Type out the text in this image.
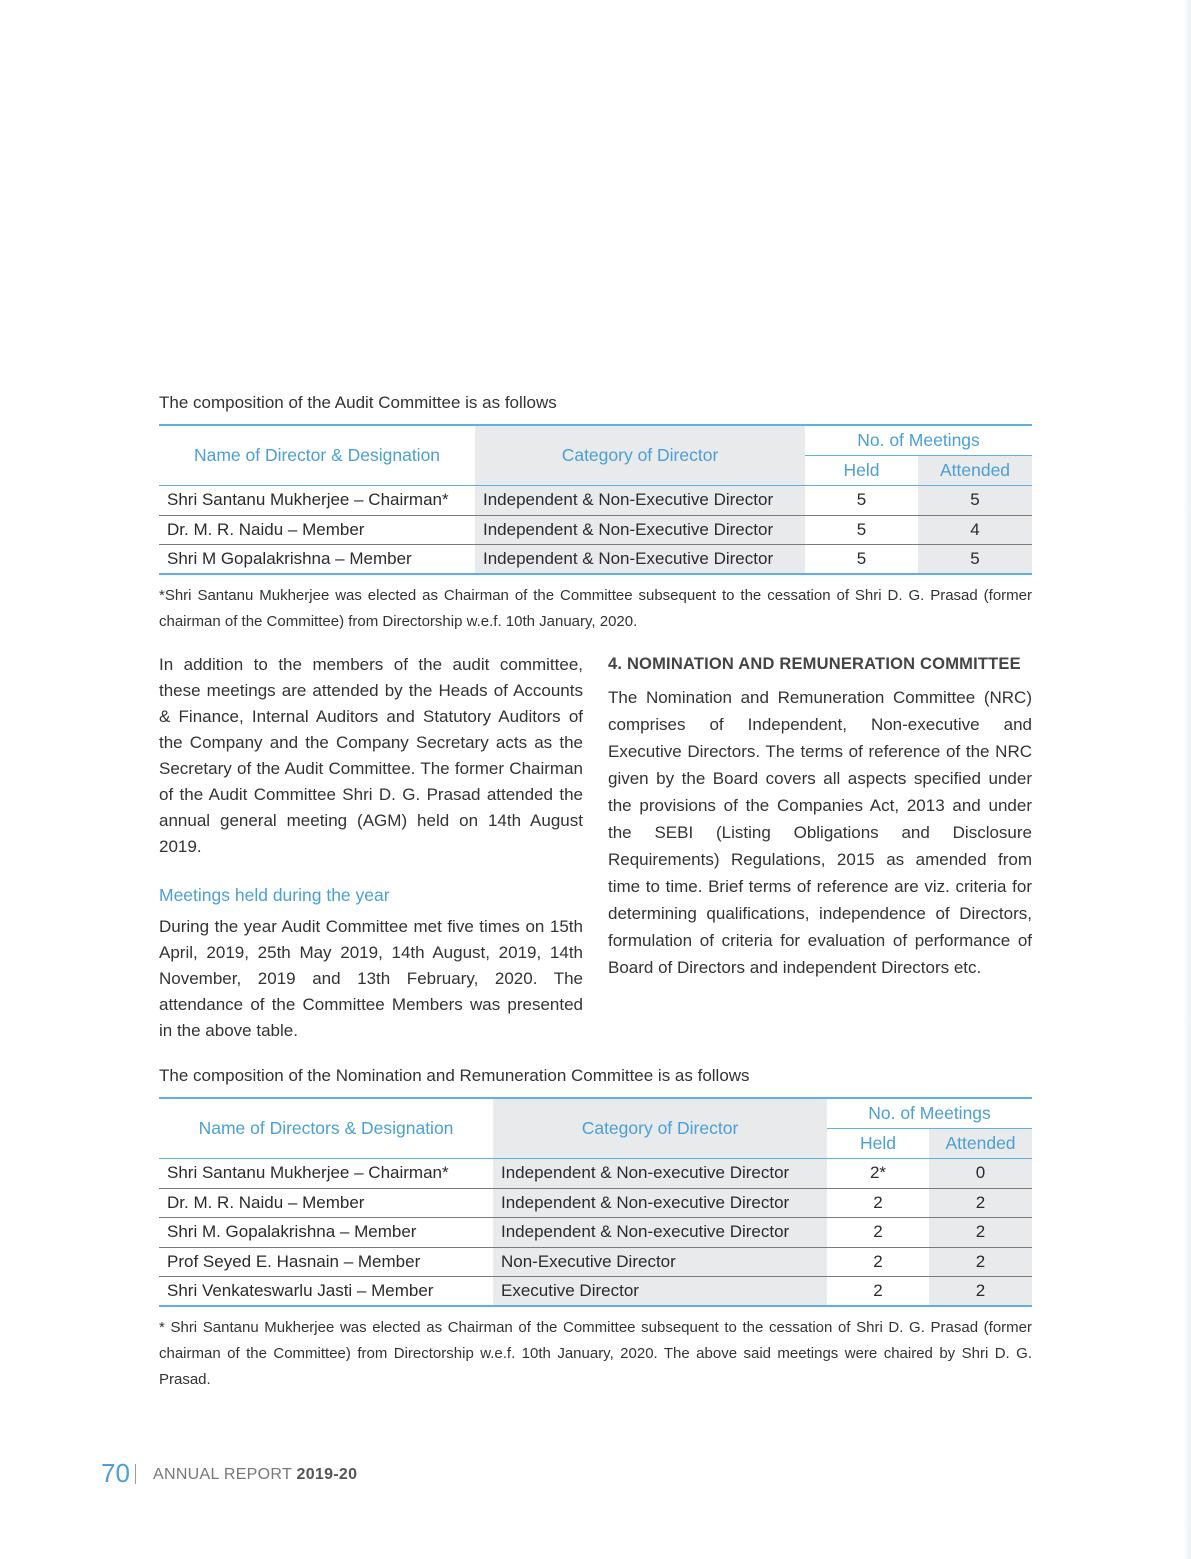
The composition of the Audit Committee is as follows
Name of Director & Designation	Category of Director	No. of Meetings	
		Held	Attended
Shri Santanu Mukherjee – Chairman*	Independent & Non-Executive Director	5	5
Dr. M. R. Naidu – Member	Independent & Non-Executive Director	5	4
Shri M Gopalakrishna – Member	Independent & Non-Executive Director	5	5
*Shri Santanu Mukherjee was elected as Chairman of the Committee subsequent to the cessation of Shri D. G. Prasad (former chairman of the Committee) from Directorship w.e.f. 10th January, 2020.

In addition to the members of the audit committee, these meetings are attended by the Heads of Accounts & Finance, Internal Auditors and Statutory Auditors of the Company and the Company Secretary acts as the Secretary of the Audit Committee. The former Chairman of the Audit Committee Shri D. G. Prasad attended the annual general meeting (AGM) held on 14th August 2019.

Meetings held during the year

During the year Audit Committee met five times on 15th April, 2019, 25th May 2019, 14th August, 2019, 14th November, 2019 and 13th February, 2020. The attendance of the Committee Members was presented in the above table.

4. NOMINATION AND REMUNERATION COMMITTEE

The Nomination and Remuneration Committee (NRC) comprises of Independent, Non-executive and Executive Directors. The terms of reference of the NRC given by the Board covers all aspects specified under the provisions of the Companies Act, 2013 and under the SEBI (Listing Obligations and Disclosure Requirements) Regulations, 2015 as amended from time to time. Brief terms of reference are viz. criteria for determining qualifications, independence of Directors, formulation of criteria for evaluation of performance of Board of Directors and independent Directors etc.

The composition of the Nomination and Remuneration Committee is as follows
Name of Directors & Designation	Category of Director	No. of Meetings	
		Held	Attended
Shri Santanu Mukherjee – Chairman*	Independent & Non-executive Director	2*	0
Dr. M. R. Naidu – Member	Independent & Non-executive Director	2	2
Shri M. Gopalakrishna – Member	Independent & Non-executive Director	2	2
Prof Seyed E. Hasnain – Member	Non-Executive Director	2	2
Shri Venkateswarlu Jasti – Member	Executive Director	2	2
* Shri Santanu Mukherjee was elected as Chairman of the Committee subsequent to the cessation of Shri D. G. Prasad (former chairman of the Committee) from Directorship w.e.f. 10th January, 2020. The above said meetings were chaired by Shri D. G. Prasad.
70 ANNUAL REPORT 2019-20
